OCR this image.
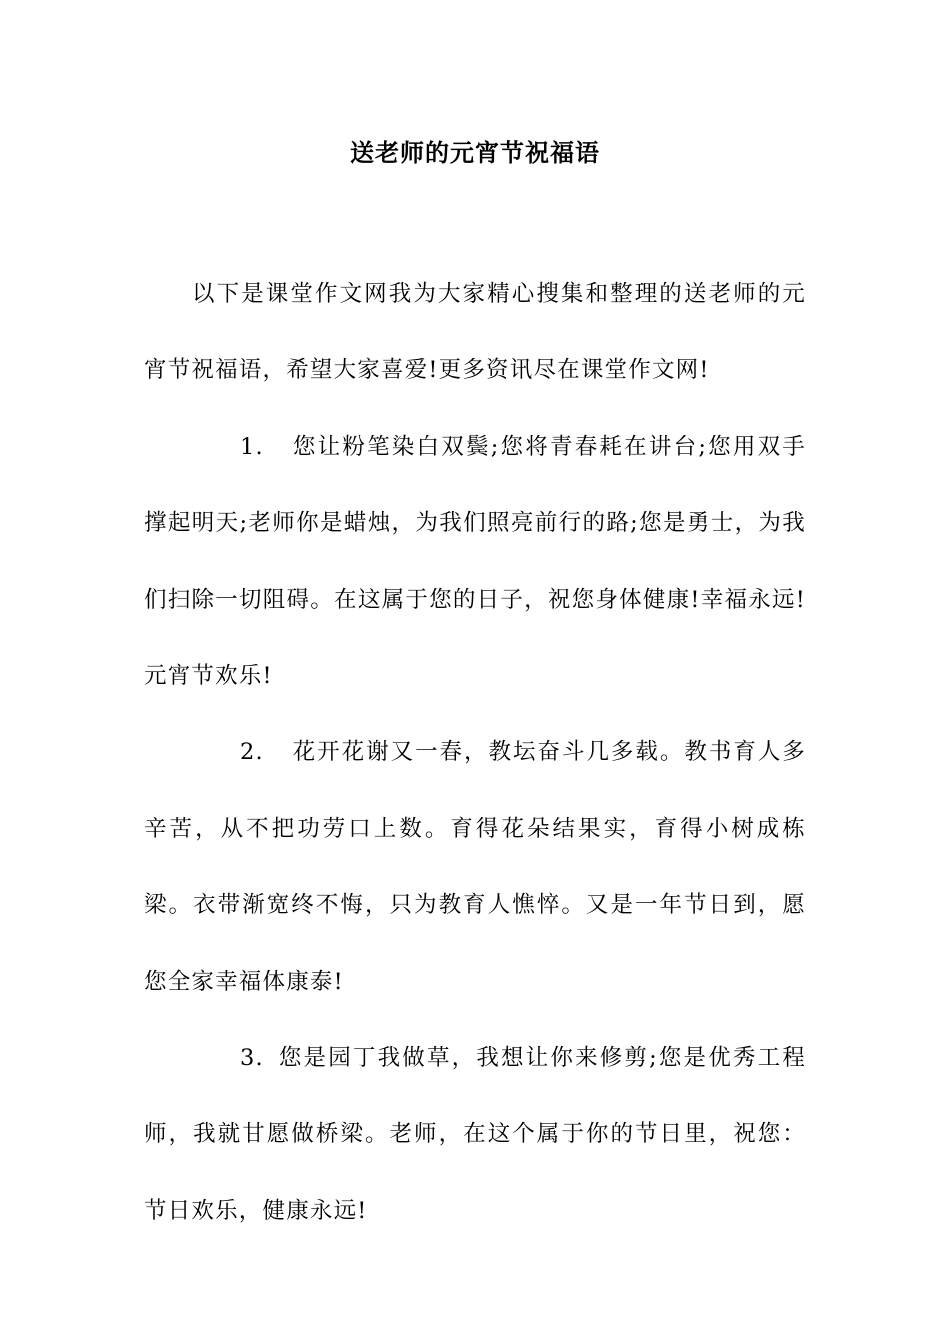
送老师的元宵节祝福语

以下是课堂作文网我为大家精心搜集和整理的送老师的元宵节祝福语，希望大家喜爱!更多资讯尽在课堂作文网!

1. 您让粉笔染白双鬓;您将青春耗在讲台;您用双手撑起明天;老师你是蜡烛，为我们照亮前行的路;您是勇士，为我们扫除一切阻碍。在这属于您的日子，祝您身体健康!幸福永远!元宵节欢乐!

2. 花开花谢又一春，教坛奋斗几多载。教书育人多辛苦，从不把功劳口上数。育得花朵结果实，育得小树成栋梁。衣带渐宽终不悔，只为教育人憔悴。又是一年节日到，愿您全家幸福体康泰!

3. 您是园丁我做草，我想让你来修剪;您是优秀工程师，我就甘愿做桥梁。老师，在这个属于你的节日里，祝您：节日欢乐，健康永远!
